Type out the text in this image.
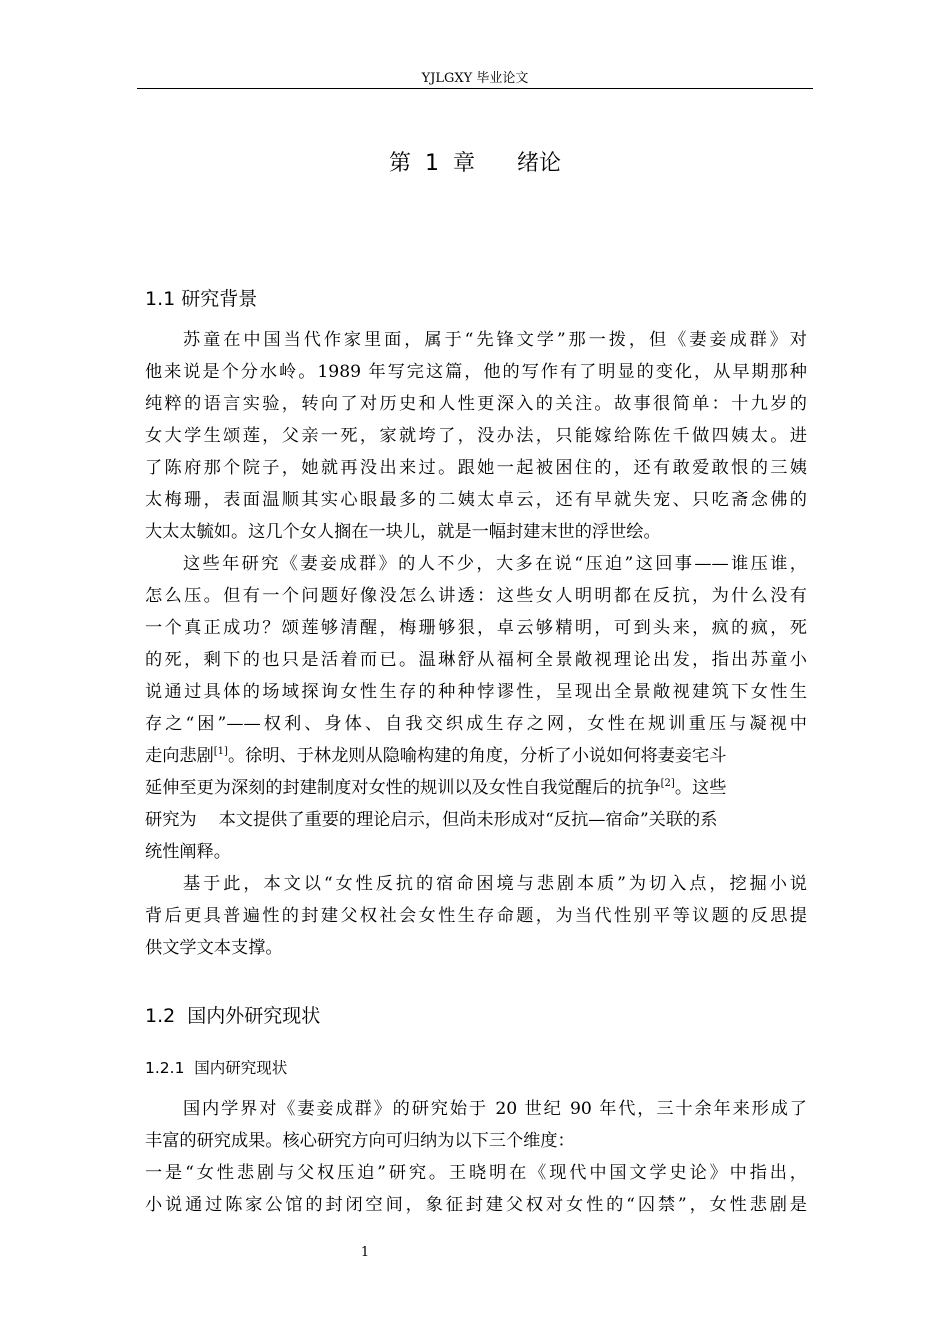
YJLGXY 毕业论文
第  1  章      绪论
1.1 研究背景
苏童在中国当代作家里面，属于“先锋文学”那一拨，但《妻妾成群》对
他来说是个分水岭。1989 年写完这篇，他的写作有了明显的变化，从早期那种
纯粹的语言实验，转向了对历史和人性更深入的关注。故事很简单：十九岁的
女大学生颂莲，父亲一死，家就垮了，没办法，只能嫁给陈佐千做四姨太。进
了陈府那个院子，她就再没出来过。跟她一起被困住的，还有敢爱敢恨的三姨
太梅珊，表面温顺其实心眼最多的二姨太卓云，还有早就失宠、只吃斋念佛的
大太太毓如。这几个女人搁在一块儿，就是一幅封建末世的浮世绘。
这些年研究《妻妾成群》的人不少，大多在说“压迫”这回事——谁压谁，
怎么压。但有一个问题好像没怎么讲透：这些女人明明都在反抗，为什么没有
一个真正成功？颂莲够清醒，梅珊够狠，卓云够精明，可到头来，疯的疯，死
的死，剩下的也只是活着而已。温琳舒从福柯全景敞视理论出发，指出苏童小
说通过具体的场域探询女性生存的种种悖谬性，呈现出全景敞视建筑下女性生
存之“困”——权利、身体、自我交织成生存之网，女性在规训重压与凝视中
走向悲剧[1]。徐明、于林龙则从隐喻构建的角度，分析了小说如何将妻妾宅斗
延伸至更为深刻的封建制度对女性的规训以及女性自我觉醒后的抗争[2]。这些
研究为 本文提供了重要的理论启示，但尚未形成对“反抗—宿命”关联的系
统性阐释。
基于此，本文以“女性反抗的宿命困境与悲剧本质”为切入点，挖掘小说
背后更具普遍性的封建父权社会女性生存命题，为当代性别平等议题的反思提
供文学文本支撑。
1.2  国内外研究现状
1.2.1  国内研究现状
国内学界对《妻妾成群》的研究始于 20 世纪 90 年代，三十余年来形成了
丰富的研究成果。核心研究方向可归纳为以下三个维度：
一是“女性悲剧与父权压迫”研究。王晓明在《现代中国文学史论》中指出，
小说通过陈家公馆的封闭空间，象征封建父权对女性的“囚禁”，女性悲剧是
1
